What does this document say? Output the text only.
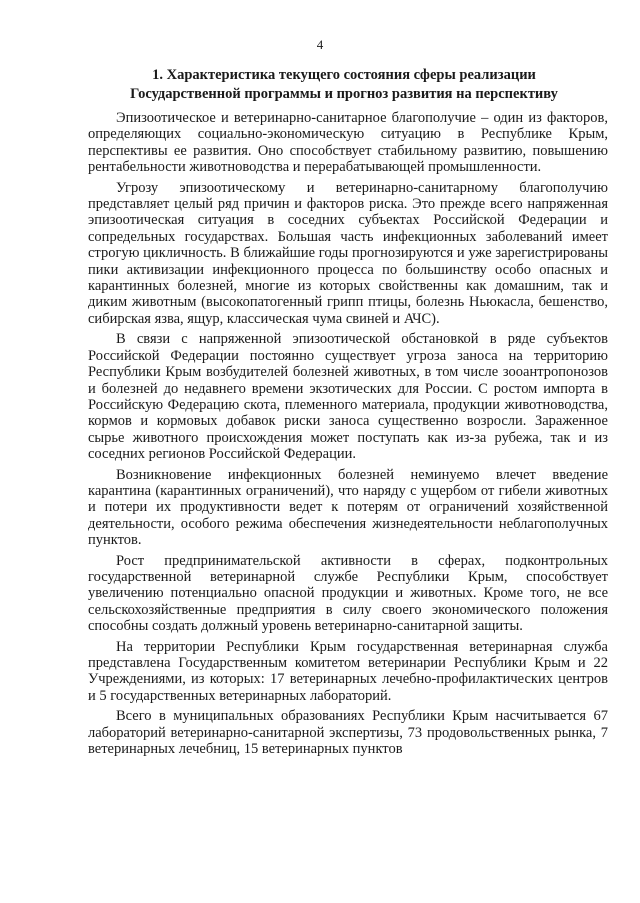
4
1. Характеристика текущего состояния сферы реализации
Государственной программы и прогноз развития на перспективу

Эпизоотическое и ветеринарно-санитарное благополучие – один из факторов, определяющих социально-экономическую ситуацию в Республике Крым, перспективы ее развития. Оно способствует стабильному развитию, повышению рентабельности животноводства и перерабатывающей промышленности.

Угрозу эпизоотическому и ветеринарно-санитарному благополучию представляет целый ряд причин и факторов риска. Это прежде всего напряженная эпизоотическая ситуация в соседних субъектах Российской Федерации и сопредельных государствах. Большая часть инфекционных заболеваний имеет строгую цикличность. В ближайшие годы прогнозируются и уже зарегистрированы пики активизации инфекционного процесса по большинству особо опасных и карантинных болезней, многие из которых свойственны как домашним, так и диким животным (высокопатогенный грипп птицы, болезнь Ньюкасла, бешенство, сибирская язва, ящур, классическая чума свиней и АЧС).

В связи с напряженной эпизоотической обстановкой в ряде субъектов Российской Федерации постоянно существует угроза заноса на территорию Республики Крым возбудителей болезней животных, в том числе зооантропонозов и болезней до недавнего времени экзотических для России. С ростом импорта в Российскую Федерацию скота, племенного материала, продукции животноводства, кормов и кормовых добавок риски заноса существенно возросли. Зараженное сырье животного происхождения может поступать как из-за рубежа, так и из соседних регионов Российской Федерации.

Возникновение инфекционных болезней неминуемо влечет введение карантина (карантинных ограничений), что наряду с ущербом от гибели животных и потери их продуктивности ведет к потерям от ограничений хозяйственной деятельности, особого режима обеспечения жизнедеятельности неблагополучных пунктов.

Рост предпринимательской активности в сферах, подконтрольных государственной ветеринарной службе Республики Крым, способствует увеличению потенциально опасной продукции и животных. Кроме того, не все сельскохозяйственные предприятия в силу своего экономического положения способны создать должный уровень ветеринарно-санитарной защиты.

На территории Республики Крым государственная ветеринарная служба представлена Государственным комитетом ветеринарии Республики Крым и 22 Учреждениями, из которых: 17 ветеринарных лечебно-профилактических центров и 5 государственных ветеринарных лабораторий.

Всего в муниципальных образованиях Республики Крым насчитывается 67 лабораторий ветеринарно-санитарной экспертизы, 73 продовольственных рынка, 7 ветеринарных лечебниц, 15 ветеринарных пунктов
